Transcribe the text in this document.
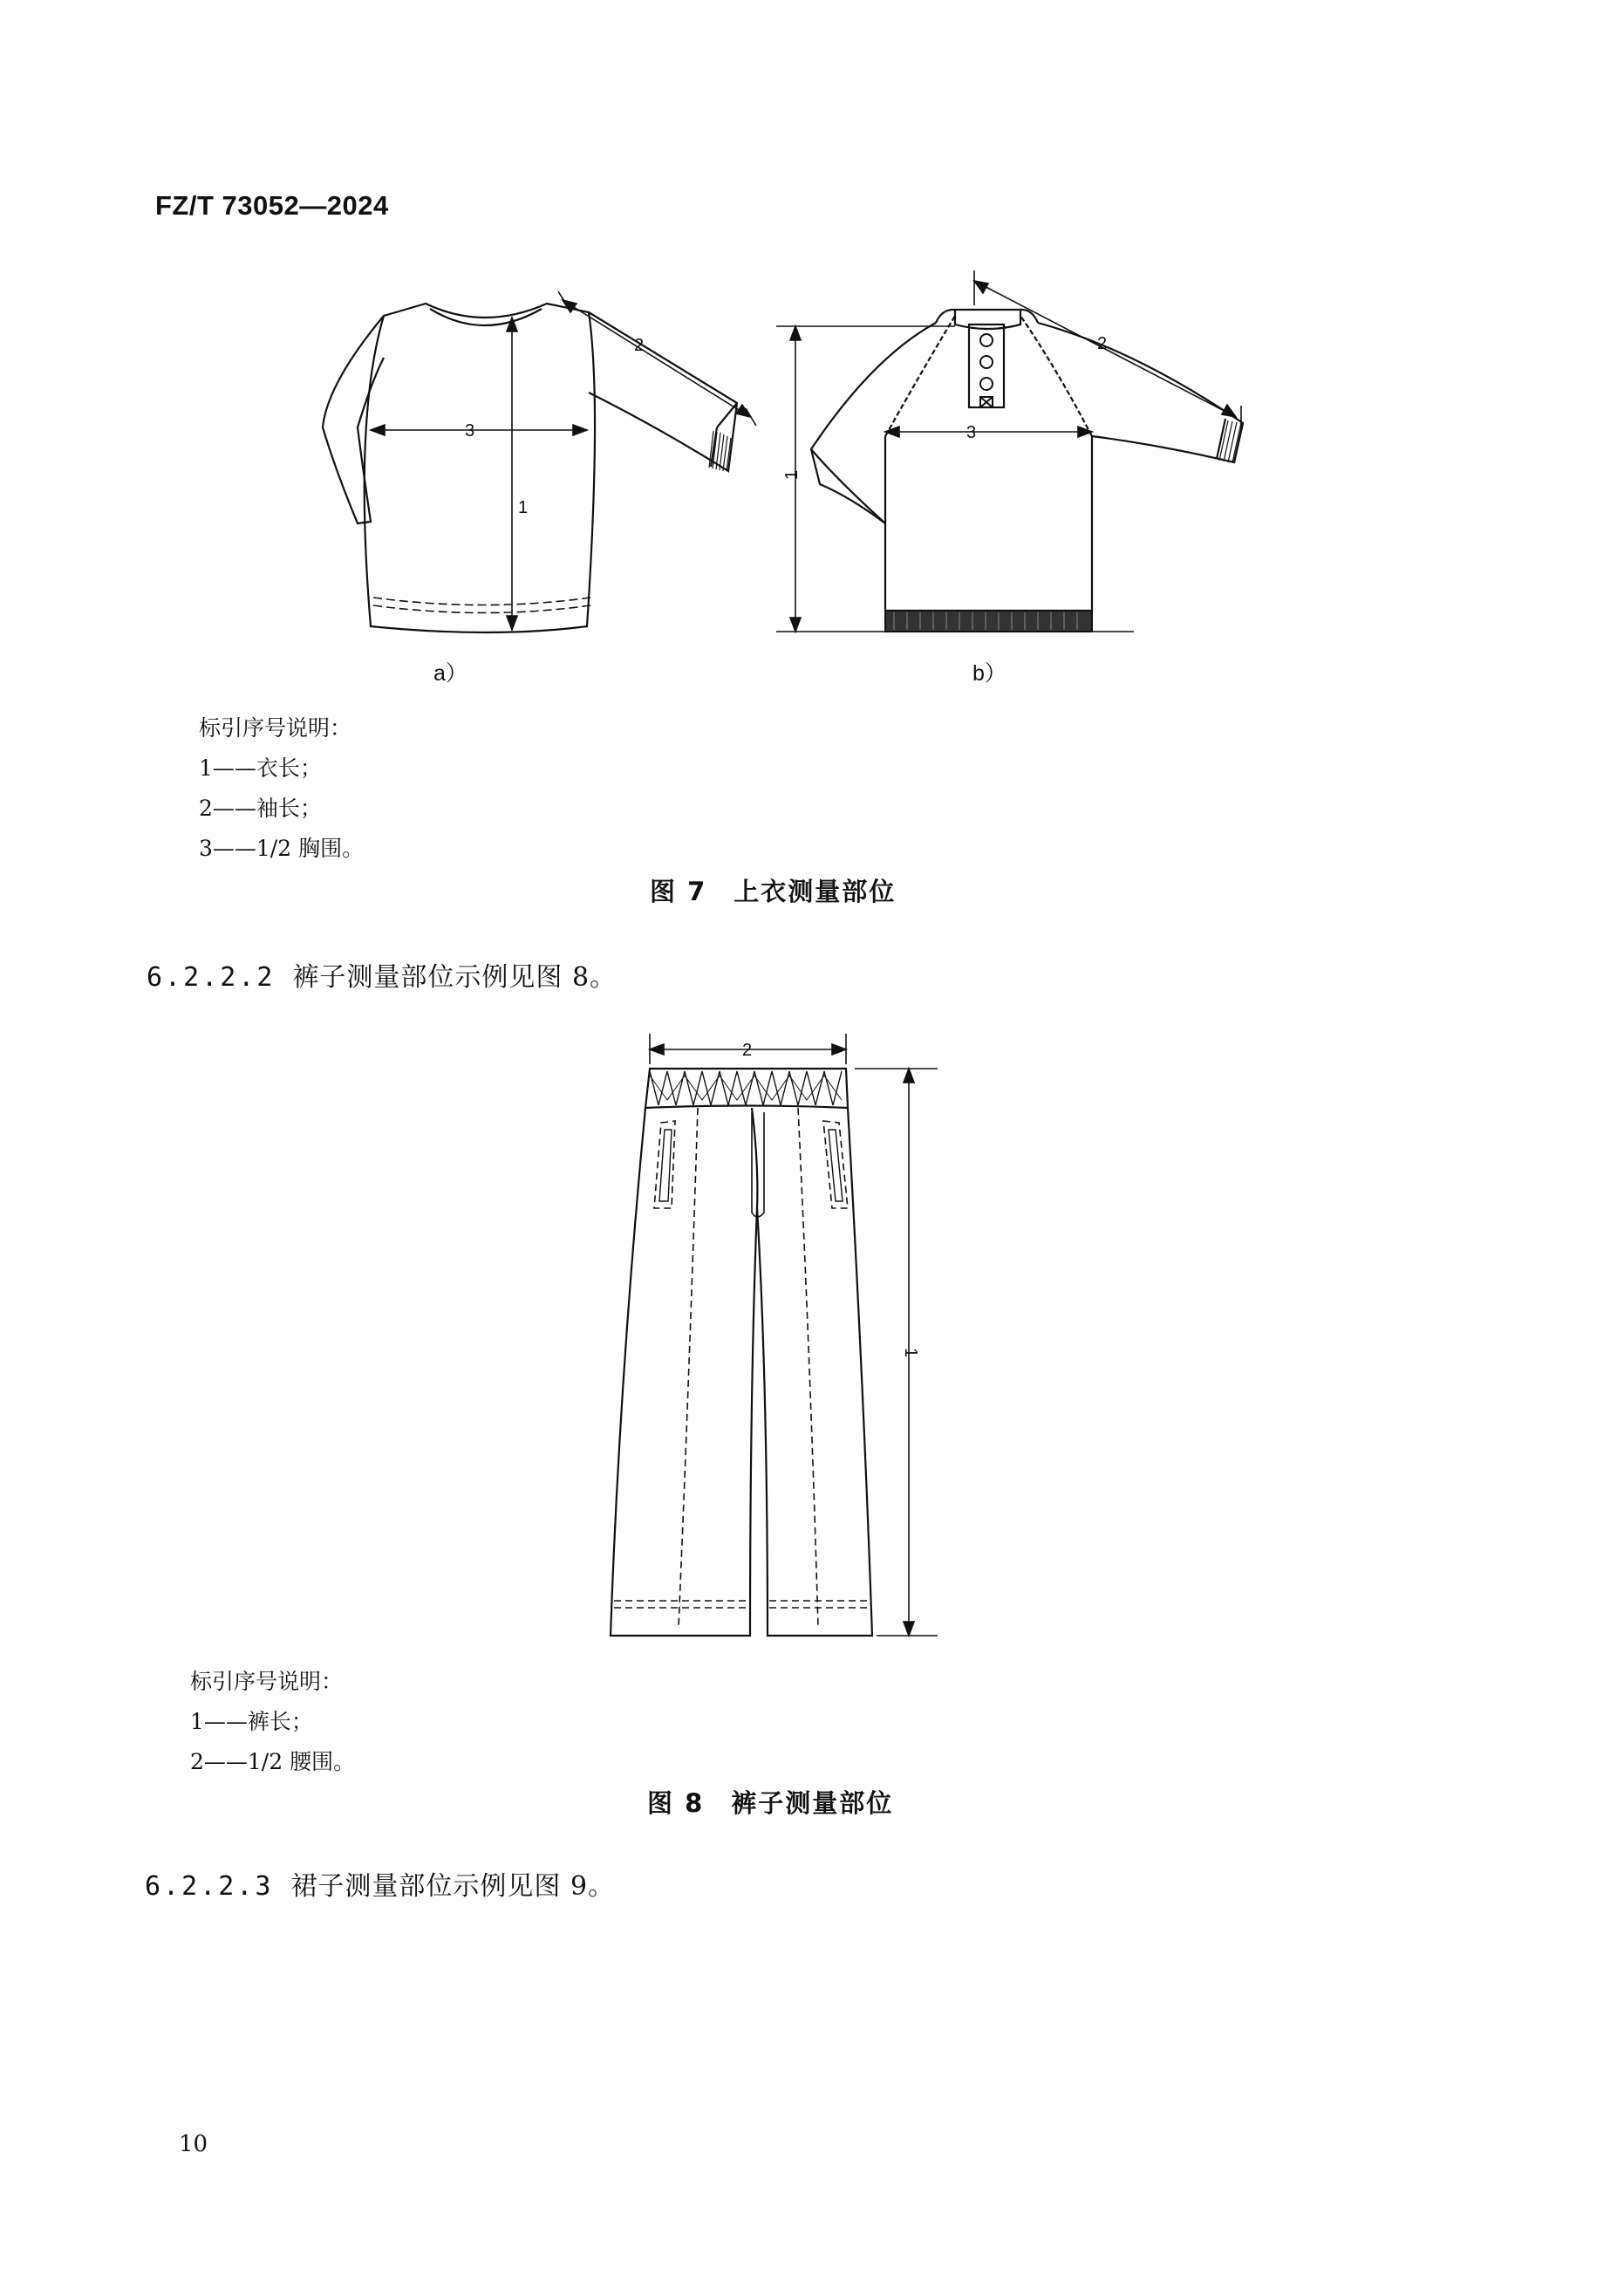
FZ/T 73052—2024
1
3
2
1
3
2
a）	b）
标引序号说明：
1——衣长；
2——袖长；
3——1/2 胸围。
图 7　上衣测量部位
6.2.2.2 裤子测量部位示例见图 8。
2
1
标引序号说明：
1——裤长；
2——1/2 腰围。
图 8　裤子测量部位
6.2.2.3 裙子测量部位示例见图 9。
10
